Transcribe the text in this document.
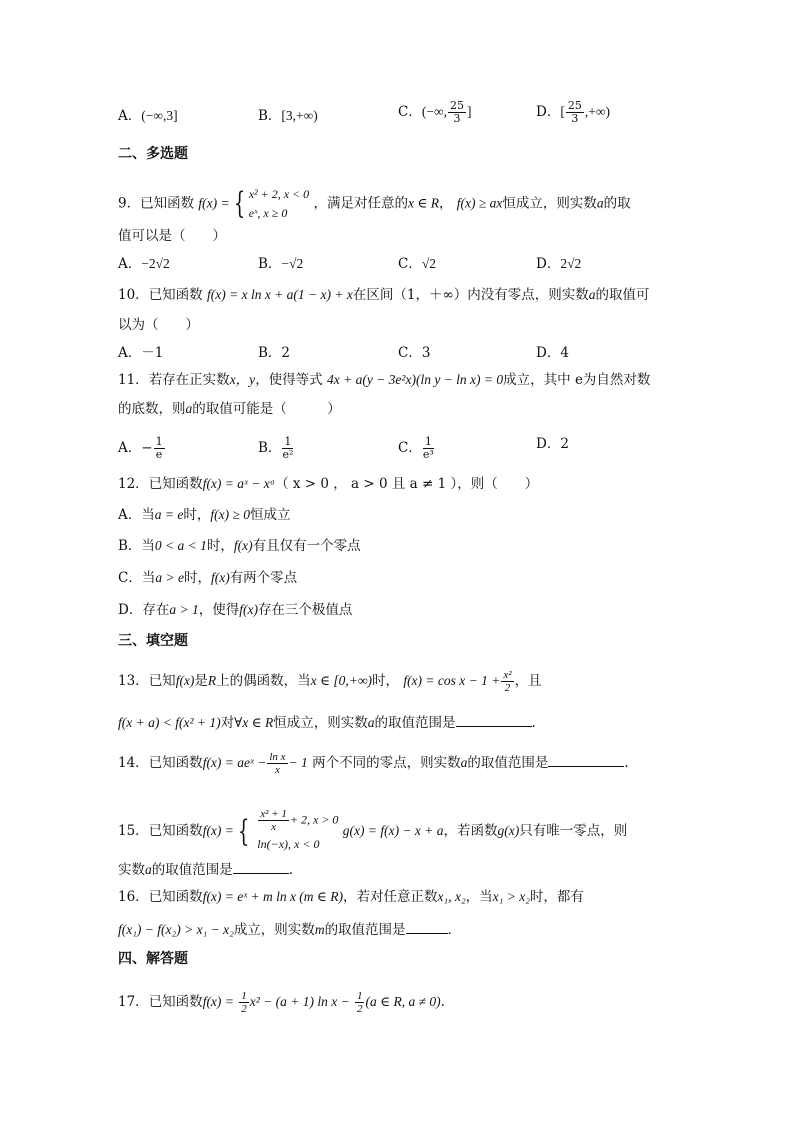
A．(−∞,3]	B．[3,+∞)	C．(−∞, $\frac{25}{3}$ ]	D．[ $\frac{25}{3}$ ,+∞)
二、多选题
9．已知函数 f(x) = { x² + 2, x < 0
eˣ, x ≥ 0
，满足对任意的x ∈ R， f(x) ≥ ax恒成立，则实数a的取
值可以是（　　）
A．−2√2	B．−√2	C．√2	D．2√2
10．已知函数 f(x) = x ln x + a(1 − x) + x在区间（1，＋∞）内没有零点，则实数a的取值可
以为（　　）
A．－1	B．2	C．3	D．4
11．若存在正实数x，y，使得等式 4x + a(y − 3e²x)(ln y − ln x) = 0成立，其中 e为自然对数
的底数，则a的取值可能是（　　　）
A．− $\frac{1}{e}$	B． $\frac{1}{\text{e²}}$	C． $\frac{1}{\text{e³}}$	D．2
12．已知函数f(x) = aˣ − xᵃ（ x > 0 ， a > 0 且 a ≠ 1 ），则（　　）
A．当a = e时，f(x) ≥ 0恒成立
B．当0 < a < 1时，f(x)有且仅有一个零点
C．当a > e时，f(x)有两个零点
D．存在a > 1，使得f(x)存在三个极值点
三、填空题
13．已知f(x)是R上的偶函数，当x ∈ [0,+∞)时， $f(x) = \cos x - 1 + \frac{\text{x²}}{2}$ ，且
f(x + a) < f(x² + 1)对∀x ∈ R恒成立，则实数a的取值范围是	.
14．已知函数f(x) = aeˣ − $\frac{\text{ln x}}{x} - 1$ 两个不同的零点，则实数a的取值范围是	.
15．已知函数f(x) = { $\frac{\text{x² + 1}}{x} + 2$, x > 0
ln(−x), x < 0
g(x) = f(x) − x + a，若函数g(x)只有唯一零点，则
实数a的取值范围是	.
16．已知函数f(x) = eˣ + m ln x (m ∈ R)，若对任意正数x₁, x₂，当x₁ > x₂时，都有
f(x₁) − f(x₂) > x₁ − x₂成立，则实数m的取值范围是	．
四、解答题
17．已知函数$f(x) = \frac{1}{2} x^2 - (a + 1)$ $\ln x - \frac{1}{2} (a$ ∈ R, a ≠ 0).
